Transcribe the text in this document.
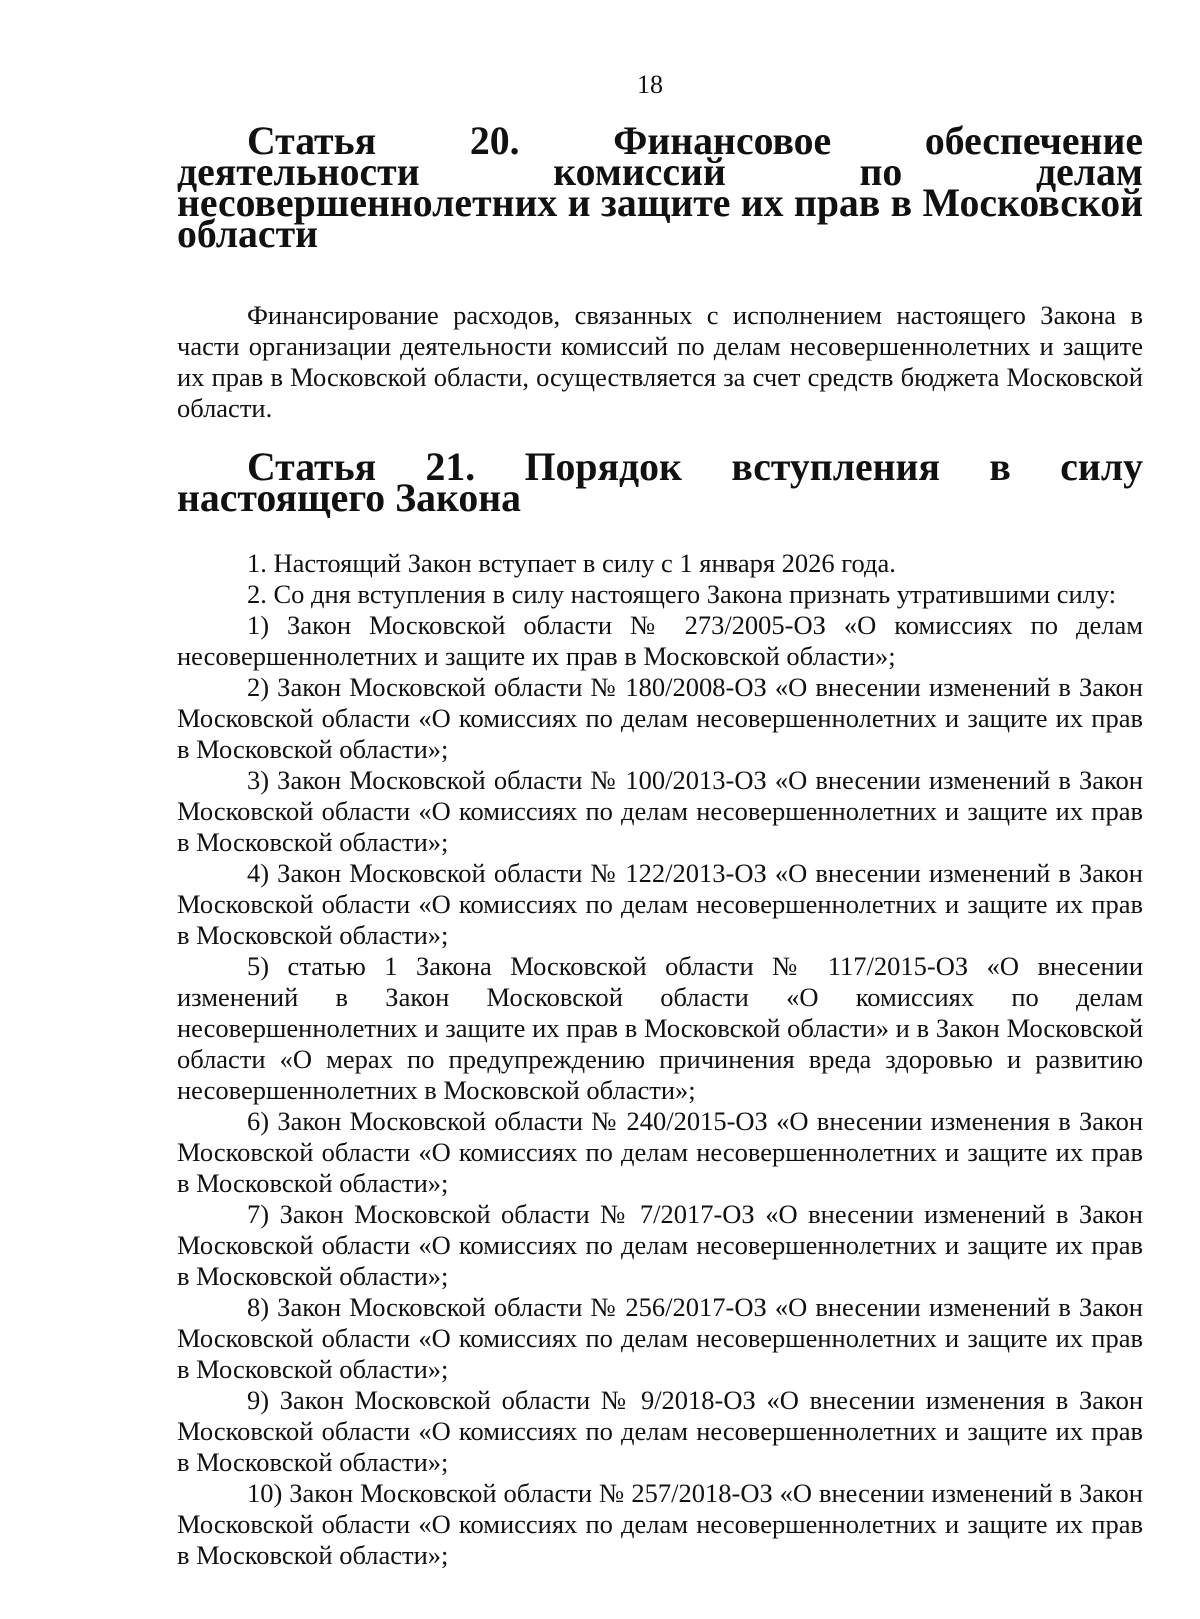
18
Статья 20. Финансовое обеспечение деятельности комиссий по делам несовершеннолетних и защите их прав в Московской области

Финансирование расходов, связанных с исполнением настоящего Закона в части организации деятельности комиссий по делам несовершеннолетних и защите их прав в Московской области, осуществляется за счет средств бюджета Московской области.

Статья 21. Порядок вступления в силу настоящего Закона

1. Настоящий Закон вступает в силу с 1 января 2026 года.

2. Со дня вступления в силу настоящего Закона признать утратившими силу:

1) Закон Московской области № 273/2005-ОЗ «О комиссиях по делам несовершеннолетних и защите их прав в Московской области»;

2) Закон Московской области № 180/2008-ОЗ «О внесении изменений в Закон Московской области «О комиссиях по делам несовершеннолетних и защите их прав в Московской области»;

3) Закон Московской области № 100/2013-ОЗ «О внесении изменений в Закон Московской области «О комиссиях по делам несовершеннолетних и защите их прав в Московской области»;

4) Закон Московской области № 122/2013-ОЗ «О внесении изменений в Закон Московской области «О комиссиях по делам несовершеннолетних и защите их прав в Московской области»;

5) статью 1 Закона Московской области № 117/2015-ОЗ «О внесении изменений в Закон Московской области «О комиссиях по делам несовершеннолетних и защите их прав в Московской области» и в Закон Московской области «О мерах по предупреждению причинения вреда здоровью и развитию несовершеннолетних в Московской области»;

6) Закон Московской области № 240/2015-ОЗ «О внесении изменения в Закон Московской области «О комиссиях по делам несовершеннолетних и защите их прав в Московской области»;

7) Закон Московской области № 7/2017-ОЗ «О внесении изменений в Закон Московской области «О комиссиях по делам несовершеннолетних и защите их прав в Московской области»;

8) Закон Московской области № 256/2017-ОЗ «О внесении изменений в Закон Московской области «О комиссиях по делам несовершеннолетних и защите их прав в Московской области»;

9) Закон Московской области № 9/2018-ОЗ «О внесении изменения в Закон Московской области «О комиссиях по делам несовершеннолетних и защите их прав в Московской области»;

10) Закон Московской области № 257/2018-ОЗ «О внесении изменений в Закон Московской области «О комиссиях по делам несовершеннолетних и защите их прав в Московской области»;
